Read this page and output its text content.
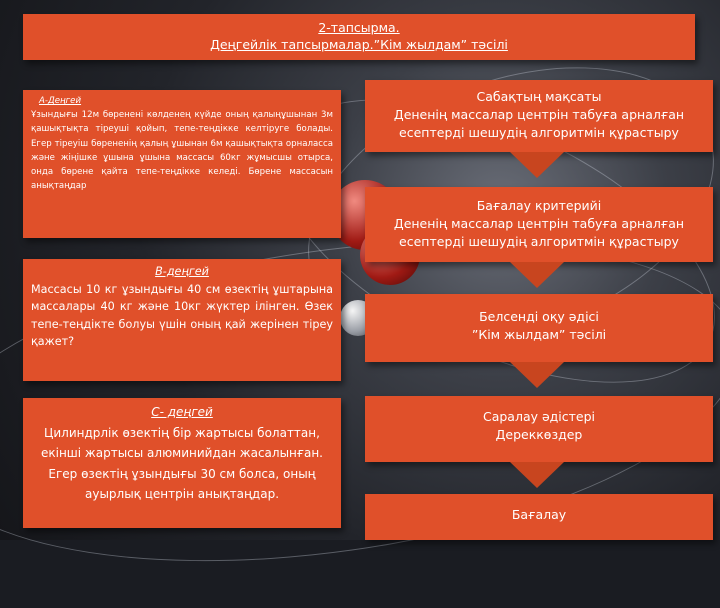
2-тапсырма.
Деңгейлік тапсырмалар.”Кім жылдам” тәсілі
А-Деңгей
Ұзындығы 12м бөренені көлденең күйде оның қалыңұшынан 3м қашықтықта тіреуші қойып, тепе-теңдікке келтіруге болады. Егер тіреуіш бөрененің қалың ұшынан 6м қашықтықта орналасса және жіңішке ұшына ұшына массасы 60кг жұмысшы отырса, онда бөрене қайта тепе-теңдікке келеді. Бөрене массасын анықтаңдар
В-деңгей
Массасы 10 кг ұзындығы 40 см өзектің ұштарына массалары 40 кг және 10кг жүктер ілінген. Өзек тепе-теңдікте болуы үшін оның қай жерінен тіреу қажет?
С- деңгей
Цилиндрлік өзектің бір жартысы болаттан, екінші жартысы алюминийдан жасалынған. Егер өзектің ұзындығы 30 см болса, оның ауырлық центрін анықтаңдар.
Сабақтың мақсаты
Дененің массалар центрін табуға арналған есептерді шешудің алгоритмін құрастыру
Бағалау критерийі
Дененің массалар центрін табуға арналған есептерді шешудің алгоритмін құрастыру
Белсенді оқу әдісі
”Кім жылдам” тәсілі
Саралау әдістері
Дереккөздер
Бағалау
